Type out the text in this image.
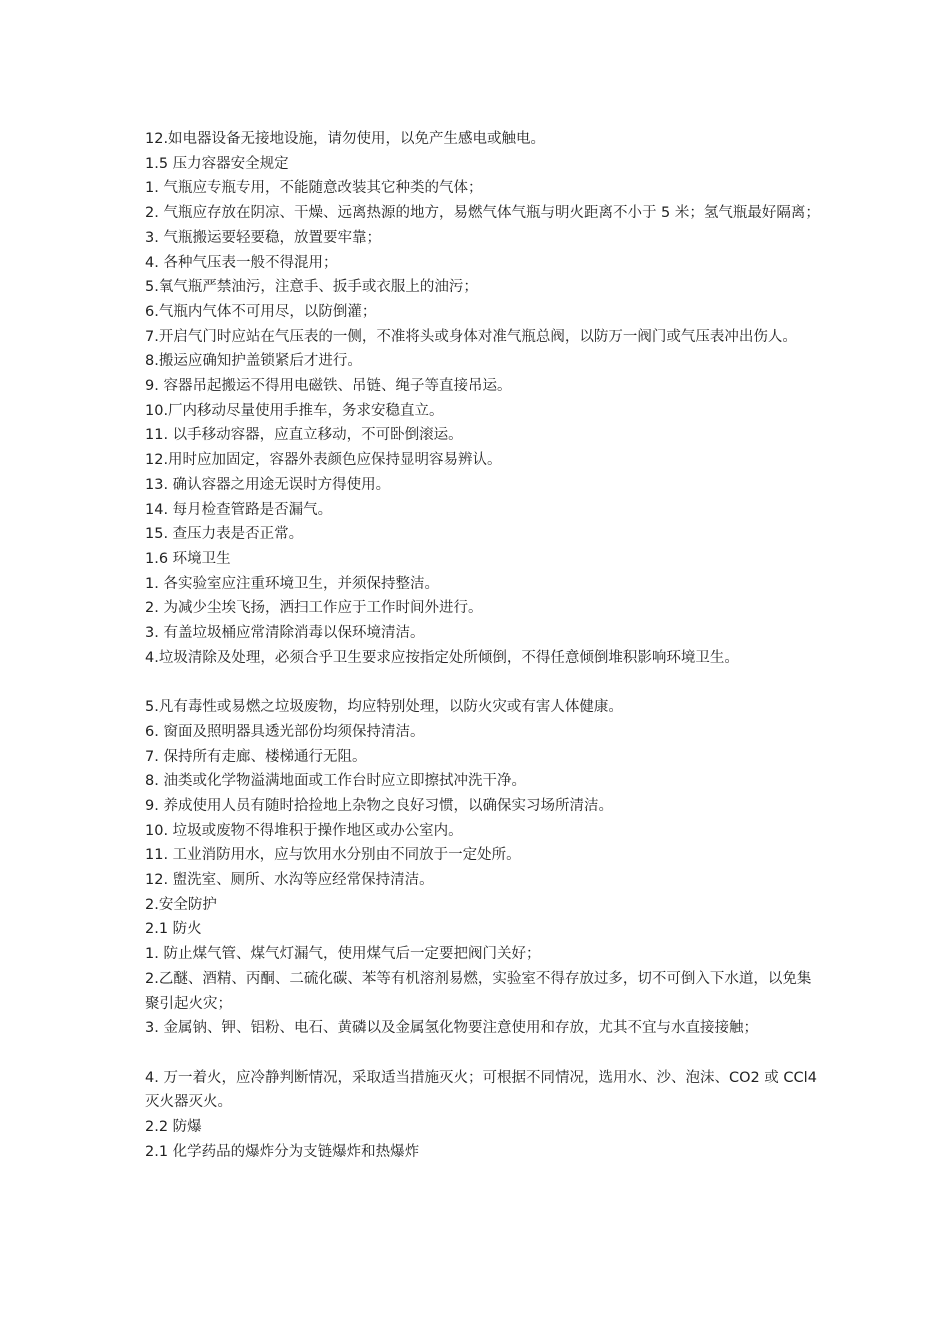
12.如电器设备无接地设施，请勿使用，以免产生感电或触电。

1.5 压力容器安全规定

1. 气瓶应专瓶专用，不能随意改装其它种类的气体；

2. 气瓶应存放在阴凉、干燥、远离热源的地方，易燃气体气瓶与明火距离不小于 5 米；氢气瓶最好隔离；

3. 气瓶搬运要轻要稳，放置要牢靠；

4. 各种气压表一般不得混用；

5.氧气瓶严禁油污，注意手、扳手或衣服上的油污；

6.气瓶内气体不可用尽，以防倒灌；

7.开启气门时应站在气压表的一侧，不准将头或身体对准气瓶总阀，以防万一阀门或气压表冲出伤人。

8.搬运应确知护盖锁紧后才进行。

9. 容器吊起搬运不得用电磁铁、吊链、绳子等直接吊运。

10.厂内移动尽量使用手推车，务求安稳直立。

11. 以手移动容器，应直立移动，不可卧倒滚运。

12.用时应加固定，容器外表颜色应保持显明容易辨认。

13. 确认容器之用途无误时方得使用。

14. 每月检查管路是否漏气。

15. 查压力表是否正常。

1.6 环境卫生

1. 各实验室应注重环境卫生，并须保持整洁。

2. 为减少尘埃飞扬，洒扫工作应于工作时间外进行。

3. 有盖垃圾桶应常清除消毒以保环境清洁。

4.垃圾清除及处理，必须合乎卫生要求应按指定处所倾倒，不得任意倾倒堆积影响环境卫生。

5.凡有毒性或易燃之垃圾废物，均应特别处理，以防火灾或有害人体健康。

6. 窗面及照明器具透光部份均须保持清洁。

7. 保持所有走廊、楼梯通行无阻。

8. 油类或化学物溢满地面或工作台时应立即擦拭冲洗干净。

9. 养成使用人员有随时拾捡地上杂物之良好习惯，以确保实习场所清洁。

10. 垃圾或废物不得堆积于操作地区或办公室内。

11. 工业消防用水，应与饮用水分别由不同放于一定处所。

12. 盥洗室、厕所、水沟等应经常保持清洁。

2.安全防护

2.1 防火

1. 防止煤气管、煤气灯漏气，使用煤气后一定要把阀门关好；

2.乙醚、酒精、丙酮、二硫化碳、苯等有机溶剂易燃，实验室不得存放过多，切不可倒入下水道，以免集聚引起火灾；

3. 金属钠、钾、铝粉、电石、黄磷以及金属氢化物要注意使用和存放，尤其不宜与水直接接触；

4. 万一着火，应冷静判断情况，采取适当措施灭火；可根据不同情况，选用水、沙、泡沫、CO2 或 CCl4 灭火器灭火。

2.2 防爆

2.1 化学药品的爆炸分为支链爆炸和热爆炸
